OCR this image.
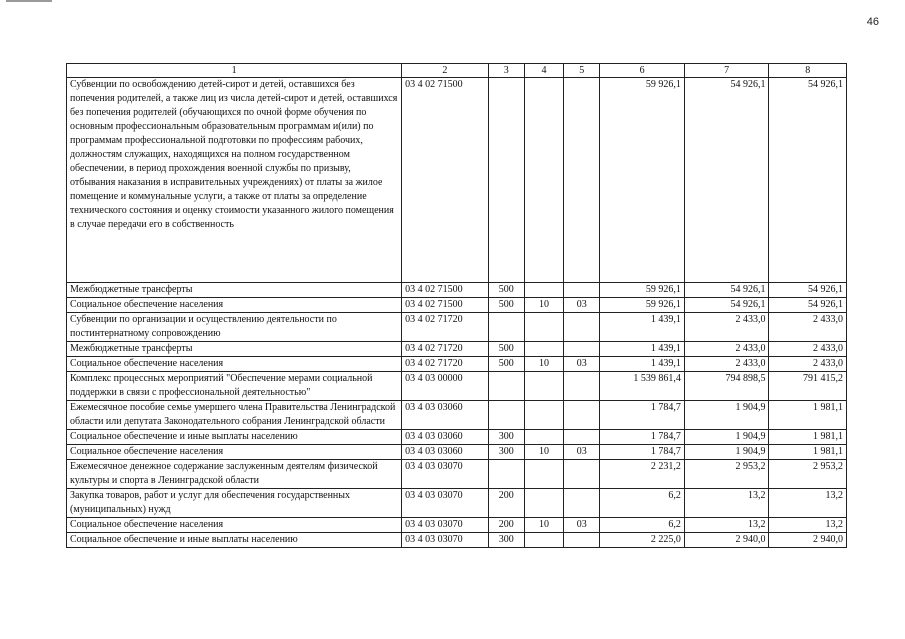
46
1	2	3	4	5	6	7	8
Субвенции по освобождению детей-сирот и детей, оставшихся без попечения родителей, а также лиц из числа детей-сирот и детей, оставшихся без попечения родителей (обучающихся по очной форме обучения по основным профессиональным образовательным программам и(или) по программам профессиональной подготовки по профессиям рабочих, должностям служащих, находящихся на полном государственном обеспечении, в период прохождения военной службы по призыву, отбывания наказания в исправительных учреждениях) от платы за жилое помещение и коммунальные услуги, а также от платы за определение технического состояния и оценку стоимости указанного жилого помещения в случае передачи его в собственность	03 4 02 71500				59 926,1	54 926,1	54 926,1
Межбюджетные трансферты	03 4 02 71500	500			59 926,1	54 926,1	54 926,1
Социальное обеспечение населения	03 4 02 71500	500	10	03	59 926,1	54 926,1	54 926,1
Субвенции по организации и осуществлению деятельности по постинтернатному сопровождению	03 4 02 71720				1 439,1	2 433,0	2 433,0
Межбюджетные трансферты	03 4 02 71720	500			1 439,1	2 433,0	2 433,0
Социальное обеспечение населения	03 4 02 71720	500	10	03	1 439,1	2 433,0	2 433,0
Комплекс процессных мероприятий "Обеспечение мерами социальной поддержки в связи с профессиональной деятельностью"	03 4 03 00000				1 539 861,4	794 898,5	791 415,2
Ежемесячное пособие семье умершего члена Правительства Ленинградской области или депутата Законодательного собрания Ленинградской области	03 4 03 03060				1 784,7	1 904,9	1 981,1
Социальное обеспечение и иные выплаты населению	03 4 03 03060	300			1 784,7	1 904,9	1 981,1
Социальное обеспечение населения	03 4 03 03060	300	10	03	1 784,7	1 904,9	1 981,1
Ежемесячное денежное содержание заслуженным деятелям физической культуры и спорта в Ленинградской области	03 4 03 03070				2 231,2	2 953,2	2 953,2
Закупка товаров, работ и услуг для обеспечения государственных (муниципальных) нужд	03 4 03 03070	200			6,2	13,2	13,2
Социальное обеспечение населения	03 4 03 03070	200	10	03	6,2	13,2	13,2
Социальное обеспечение и иные выплаты населению	03 4 03 03070	300			2 225,0	2 940,0	2 940,0
